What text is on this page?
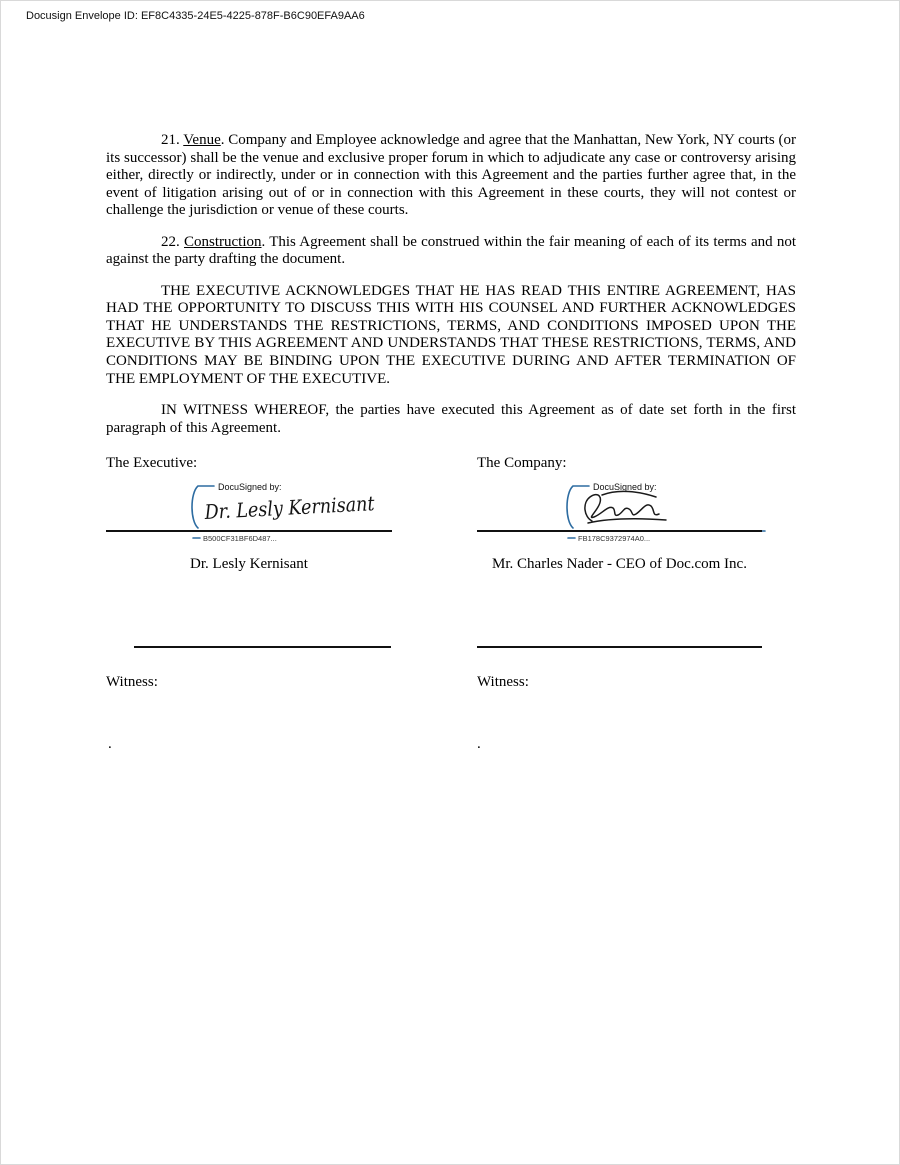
Docusign Envelope ID: EF8C4335-24E5-4225-878F-B6C90EFA9AA6

21. Venue. Company and Employee acknowledge and agree that the Manhattan, New York, NY courts (or its successor) shall be the venue and exclusive proper forum in which to adjudicate any case or controversy arising either, directly or indirectly, under or in connection with this Agreement and the parties further agree that, in the event of litigation arising out of or in connection with this Agreement in these courts, they will not contest or challenge the jurisdiction or venue of these courts.

22. Construction. This Agreement shall be construed within the fair meaning of each of its terms and not against the party drafting the document.

THE EXECUTIVE ACKNOWLEDGES THAT HE HAS READ THIS ENTIRE AGREEMENT, HAS HAD THE OPPORTUNITY TO DISCUSS THIS WITH HIS COUNSEL AND FURTHER ACKNOWLEDGES THAT HE UNDERSTANDS THE RESTRICTIONS, TERMS, AND CONDITIONS IMPOSED UPON THE EXECUTIVE BY THIS AGREEMENT AND UNDERSTANDS THAT THESE RESTRICTIONS, TERMS, AND CONDITIONS MAY BE BINDING UPON THE EXECUTIVE DURING AND AFTER TERMINATION OF THE EMPLOYMENT OF THE EXECUTIVE.

IN WITNESS WHEREOF, the parties have executed this Agreement as of date set forth in the first paragraph of this Agreement.

The Executive:	The Company:
DocuSigned by:
Dr. Lesly Kernisant
B500CF31BF6D487...
DocuSigned by:
FB178C9372974A0...
Dr. Lesly Kernisant	Mr. Charles Nader - CEO of Doc.com Inc.
Witness:	Witness:
.	.
